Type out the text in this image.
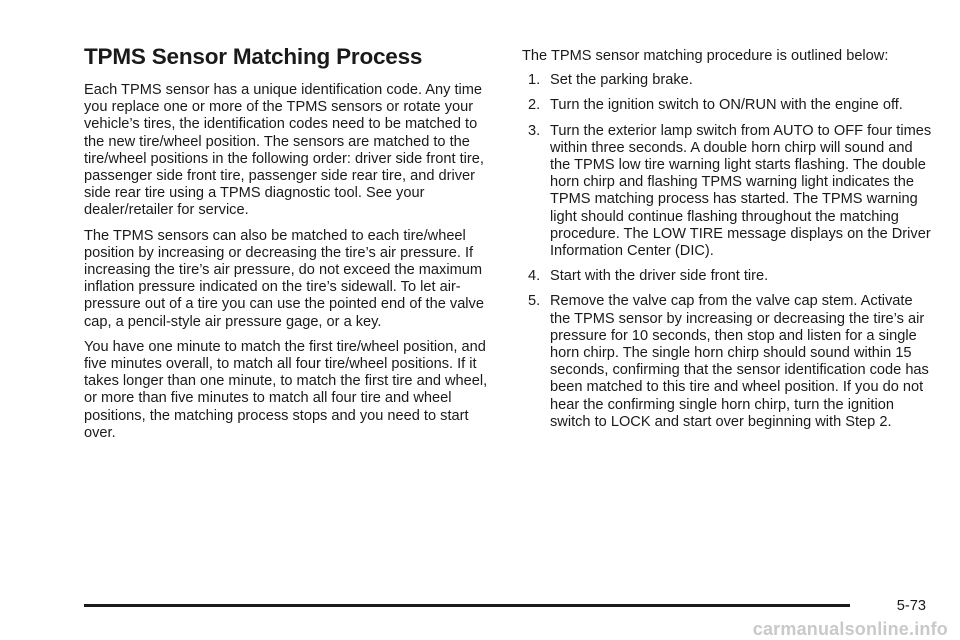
TPMS Sensor Matching Process

Each TPMS sensor has a unique identification code. Any time you replace one or more of the TPMS sensors or rotate your vehicle’s tires, the identification codes need to be matched to the new tire/wheel position. The sensors are matched to the tire/wheel positions in the following order: driver side front tire, passenger side front tire, passenger side rear tire, and driver side rear tire using a TPMS diagnostic tool. See your dealer/retailer for service.

The TPMS sensors can also be matched to each tire/wheel position by increasing or decreasing the tire’s air pressure. If increasing the tire’s air pressure, do not exceed the maximum inflation pressure indicated on the tire’s sidewall. To let air-pressure out of a tire you can use the pointed end of the valve cap, a pencil-style air pressure gage, or a key.

You have one minute to match the first tire/wheel position, and five minutes overall, to match all four tire/wheel positions. If it takes longer than one minute, to match the first tire and wheel, or more than five minutes to match all four tire and wheel positions, the matching process stops and you need to start over.

The TPMS sensor matching procedure is outlined below:

1. Set the parking brake.
2. Turn the ignition switch to ON/RUN with the engine off.
3. Turn the exterior lamp switch from AUTO to OFF four times within three seconds. A double horn chirp will sound and the TPMS low tire warning light starts flashing. The double horn chirp and flashing TPMS warning light indicates the TPMS matching process has started. The TPMS warning light should continue flashing throughout the matching procedure. The LOW TIRE message displays on the Driver Information Center (DIC).
4. Start with the driver side front tire.
5. Remove the valve cap from the valve cap stem. Activate the TPMS sensor by increasing or decreasing the tire’s air pressure for 10 seconds, then stop and listen for a single horn chirp. The single horn chirp should sound within 15 seconds, confirming that the sensor identification code has been matched to this tire and wheel position. If you do not hear the confirming single horn chirp, turn the ignition switch to LOCK and start over beginning with Step 2.
5-73
carmanualsonline.info
